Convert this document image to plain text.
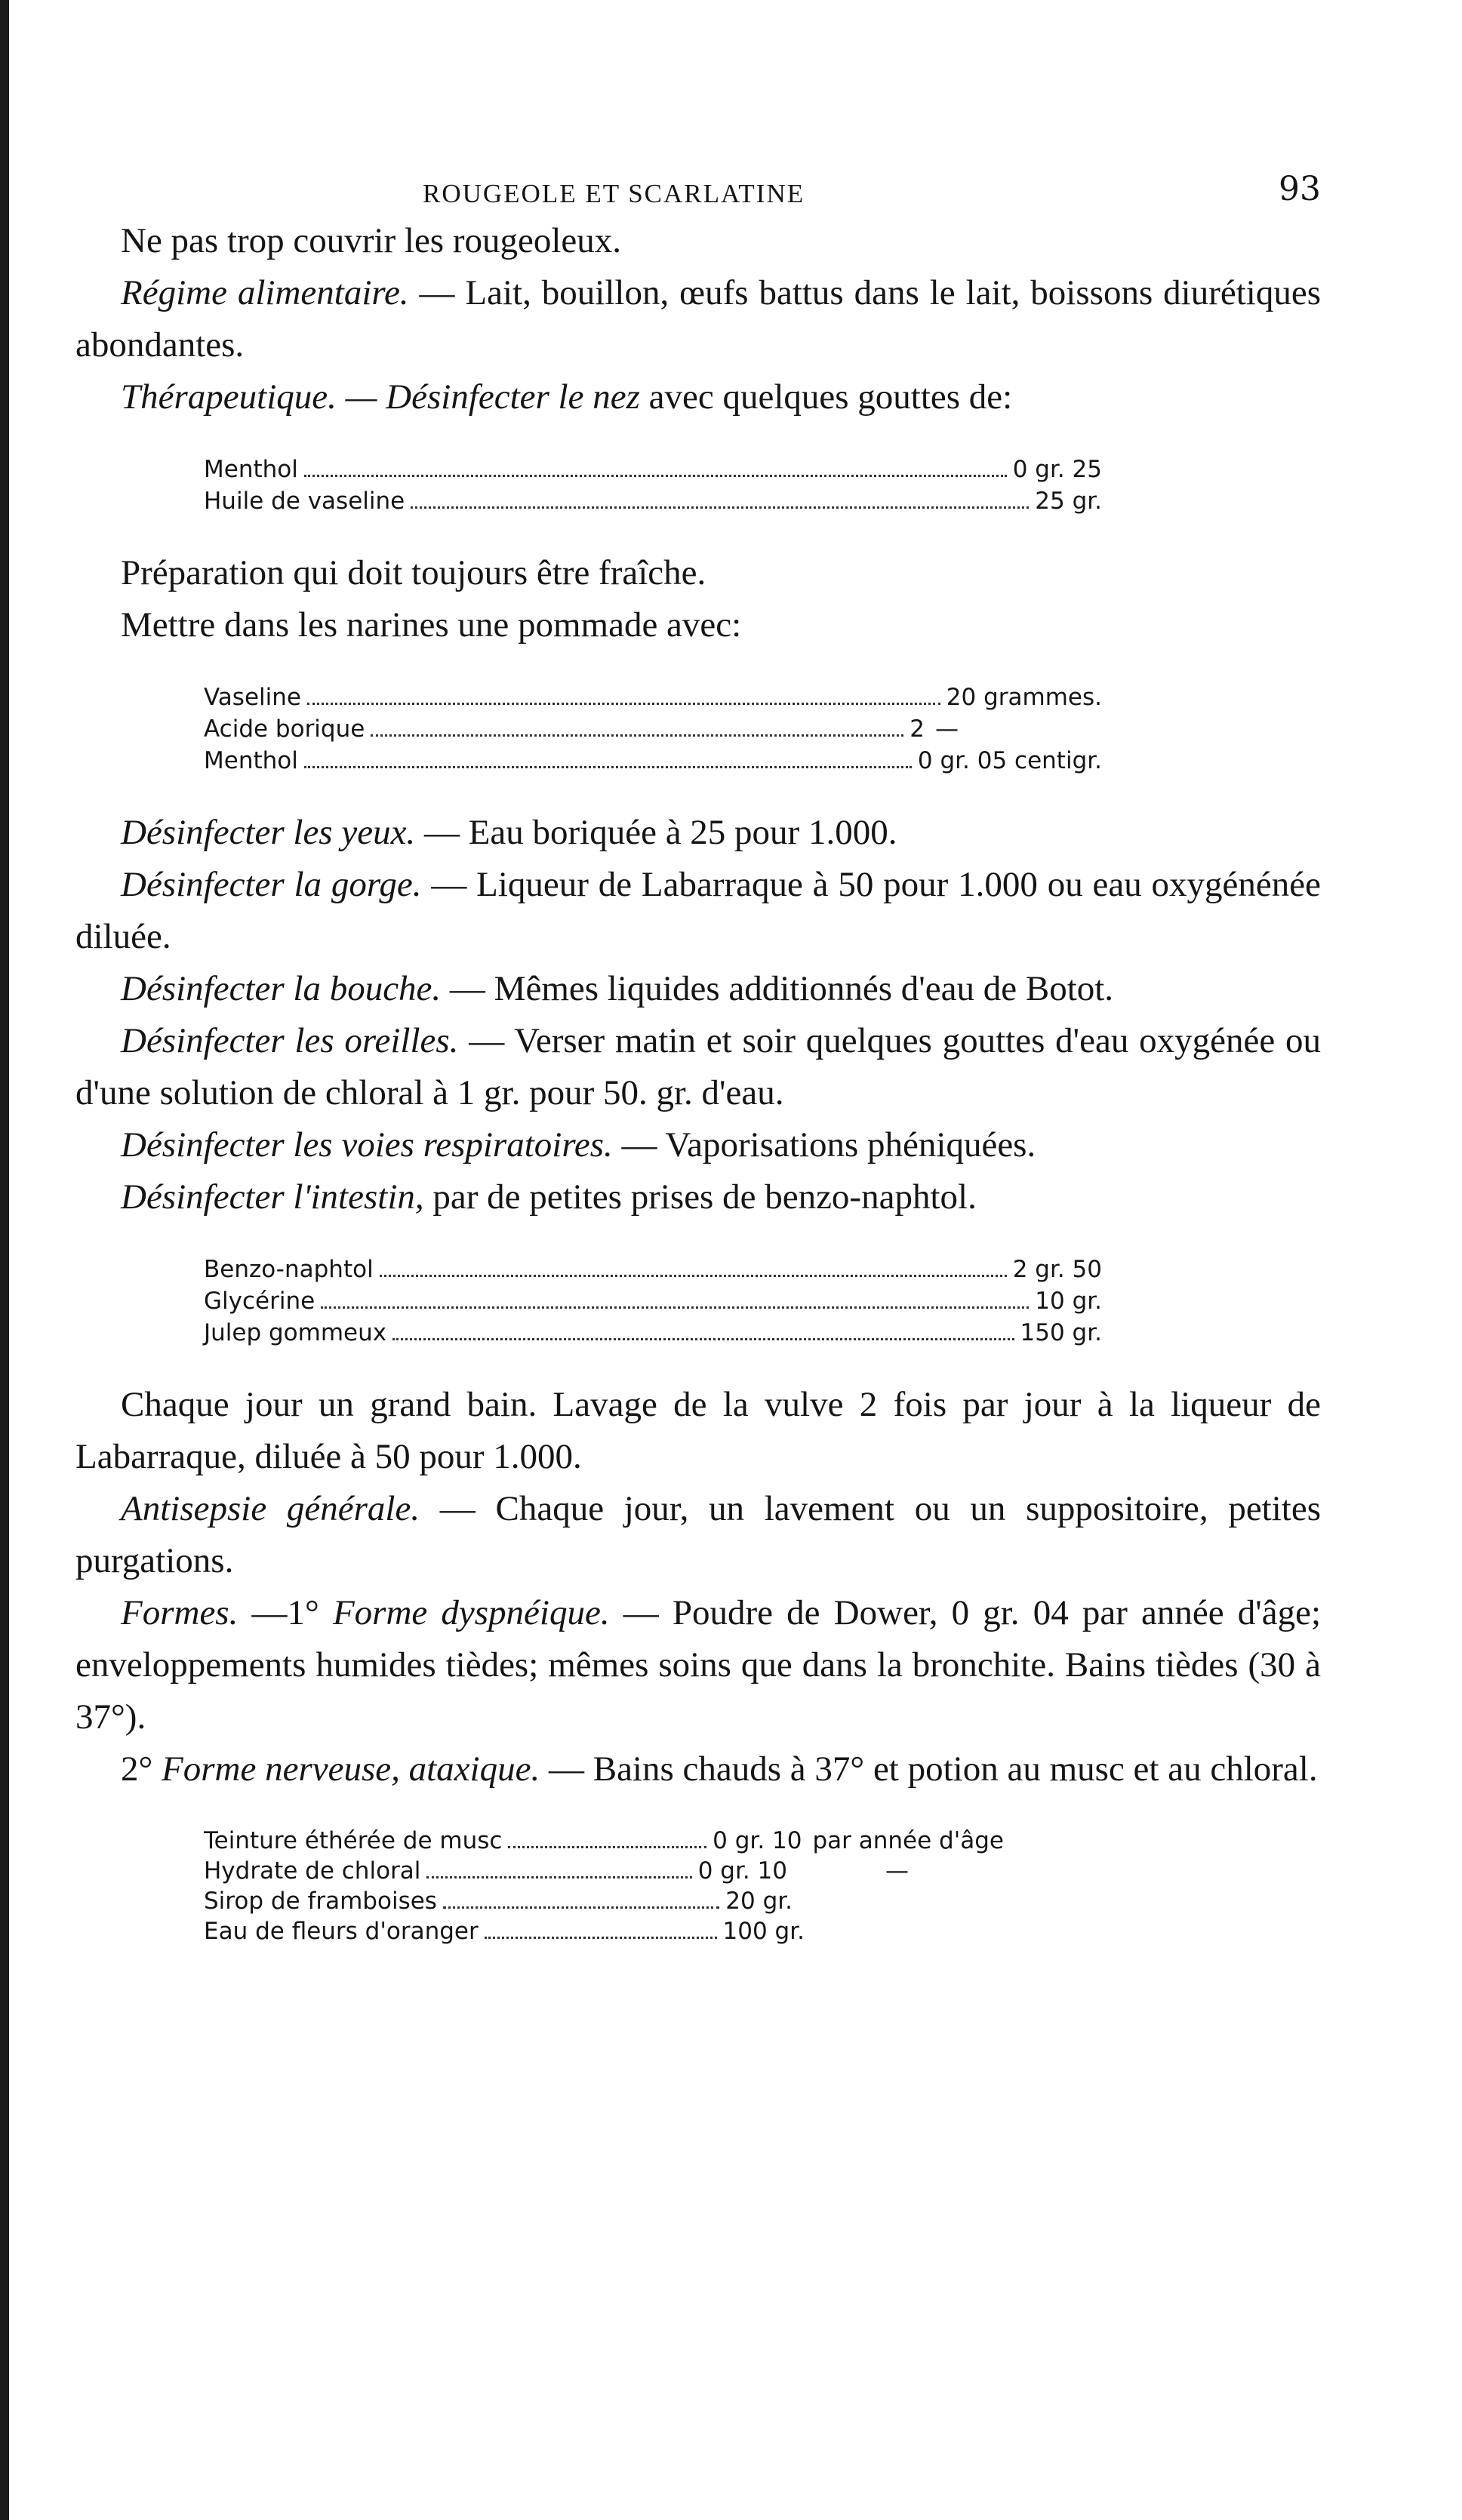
ROUGEOLE ET SCARLATINE	93

Ne pas trop couvrir les rougeoleux.

Régime alimentaire. — Lait, bouillon, œufs battus dans le lait, boissons diurétiques abondantes.

Thérapeutique. — Désinfecter le nez avec quelques gouttes de:

Menthol	0 gr. 25
Huile de vaseline	25 gr.

Préparation qui doit toujours être fraîche.

Mettre dans les narines une pommade avec:

Vaseline	20 grammes.
Acide borique	2 —
Menthol	0 gr. 05 centigr.

Désinfecter les yeux. — Eau boriquée à 25 pour 1.000.

Désinfecter la gorge. — Liqueur de Labarraque à 50 pour 1.000 ou eau oxygénénée diluée.

Désinfecter la bouche. — Mêmes liquides additionnés d'eau de Botot.

Désinfecter les oreilles. — Verser matin et soir quelques gouttes d'eau oxygénée ou d'une solution de chloral à 1 gr. pour 50. gr. d'eau.

Désinfecter les voies respiratoires. — Vaporisations phéniquées.

Désinfecter l'intestin, par de petites prises de benzo-naphtol.

Benzo-naphtol	2 gr. 50
Glycérine	10 gr.
Julep gommeux	150 gr.

Chaque jour un grand bain. Lavage de la vulve 2 fois par jour à la liqueur de Labarraque, diluée à 50 pour 1.000.

Antisepsie générale. — Chaque jour, un lavement ou un suppositoire, petites purgations.

Formes. —1° Forme dyspnéique. — Poudre de Dower, 0 gr. 04 par année d'âge; enveloppements humides tièdes; mêmes soins que dans la bronchite. Bains tièdes (30 à 37°).

2° Forme nerveuse, ataxique. — Bains chauds à 37° et potion au musc et au chloral.

Teinture éthérée de musc	0 gr. 10 par année d'âge
Hydrate de chloral	0 gr. 10	—
Sirop de framboises	20 gr.
Eau de fleurs d'oranger	100 gr.
